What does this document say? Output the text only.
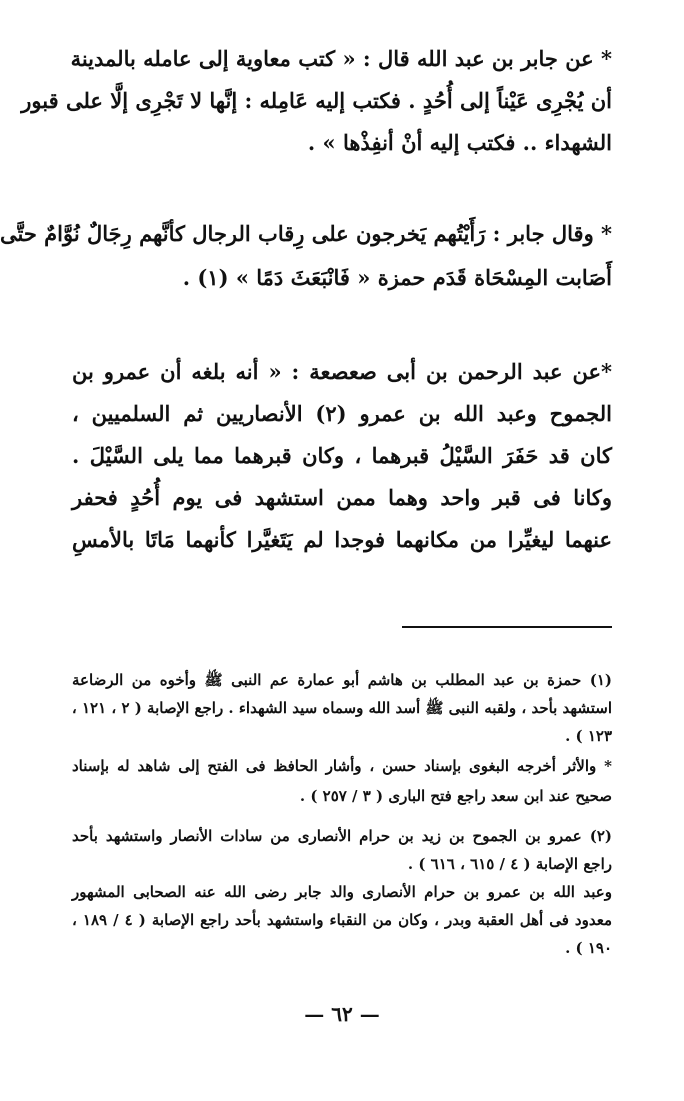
* عن جابر بن عبد الله قال : « كتب معاوية إلى عامله بالمدينة
أن يُجْرِى عَيْناً إلى أُحُدٍ . فكتب إليه عَامِله : إنَّها لا تَجْرِى إلَّا على قبور
الشهداء .. فكتب إليه أنْ أنفِذْها » .
* وقال جابر : رَأَيْتُهم يَخرجون على رِقاب الرجال كأنَّهم رِجَالٌ نُوَّامٌ حتَّى
أَصَابت المِسْحَاة قَدَم حمزة « فَانْبَعَثَ دَمًا » (١) .
*عن عبد الرحمن بن أبى صعصعة : « أنه بلغه أن عمرو بن
الجموح وعبد الله بن عمرو (٢) الأنصاريين ثم السلميين ،
كان قد حَفَرَ السَّيْلُ قبرهما ، وكان قبرهما مما يلى السَّيْلَ .
وكانا فى قبر واحد وهما ممن استشهد فى يوم أُحُدٍ فحفر
عنهما ليغيِّرا من مكانهما فوجدا لم يَتَغيَّرا كأنهما مَاتَا بالأمسِ
(١) حمزة بن عبد المطلب بن هاشم أبو عمارة عم النبى ﷺ وأخوه من الرضاعة
استشهد بأحد ، ولقبه النبى ﷺ أسد الله وسماه سيد الشهداء . راجع الإصابة ( ٢ ، ١٢١ ،
١٢٣ ) .
* والأثر أخرجه البغوى بإسناد حسن ، وأشار الحافظ فى الفتح إلى شاهد له بإسناد
صحيح عند ابن سعد راجع فتح البارى ( ٣ / ٢٥٧ ) .
(٢) عمرو بن الجموح بن زيد بن حرام الأنصارى من سادات الأنصار واستشهد بأحد
راجع الإصابة ( ٤ / ٦١٥ ، ٦١٦ ) .
وعبد الله بن عمرو بن حرام الأنصارى والد جابر رضى الله عنه الصحابى المشهور
معدود فى أهل العقبة وبدر ، وكان من النقباء واستشهد بأحد راجع الإصابة ( ٤ / ١٨٩ ،
١٩٠ ) .
— ٦٢ —
